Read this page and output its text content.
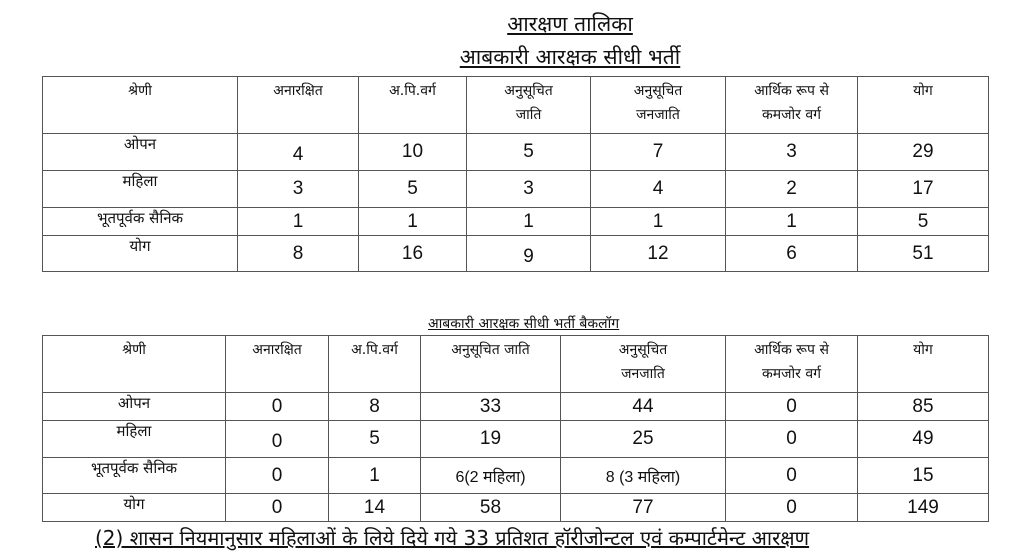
आरक्षण तालिका
आबकारी आरक्षक सीधी भर्ती
श्रेणी	अनारक्षित	अ.पि.वर्ग	अनुसूचित जाति	अनुसूचित जनजाति	आर्थिक रूप से कमजोर वर्ग	योग
ओपन	4	10	5	7	3	29
महिला	3	5	3	4	2	17
भूतपूर्वक सैनिक	1	1	1	1	1	5
योग	8	16	9	12	6	51
आबकारी आरक्षक सीधी भर्ती बैकलॉग
श्रेणी	अनारक्षित	अ.पि.वर्ग	अनुसूचित जाति	अनुसूचित जनजाति	आर्थिक रूप से कमजोर वर्ग	योग
ओपन	0	8	33	44	0	85
महिला	0	5	19	25	0	49
भूतपूर्वक सैनिक	0	1	6(2 महिला)	8 (3 महिला)	0	15
योग	0	14	58	77	0	149
(2) शासन नियमानुसार महिलाओं के लिये दिये गये 33 प्रतिशत हॉरीजोन्टल एवं कम्पार्टमेन्ट आरक्षण
